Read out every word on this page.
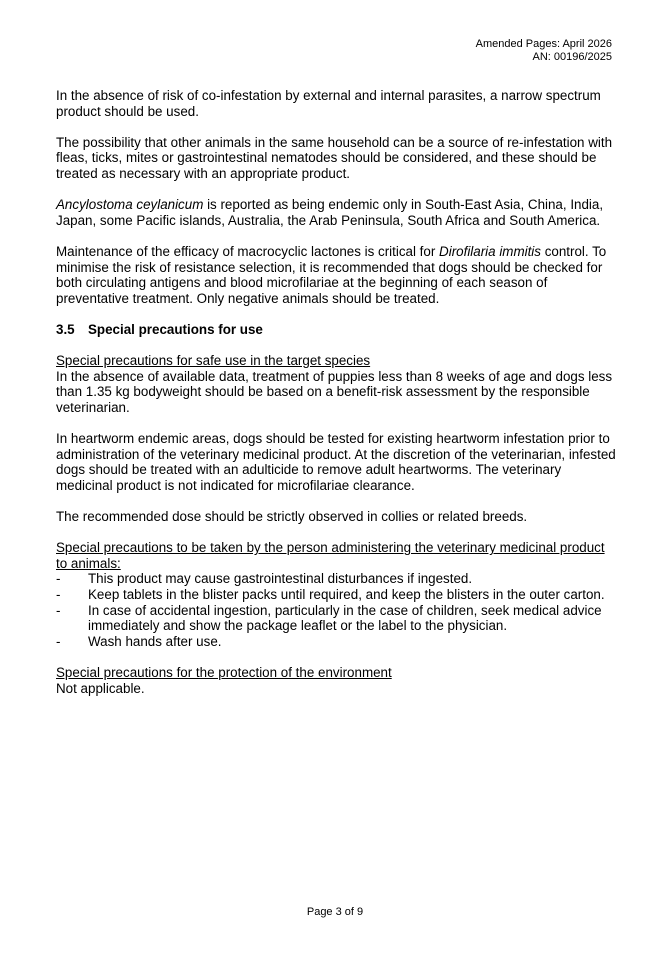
Amended Pages: April 2026
AN: 00196/2025

In the absence of risk of co-infestation by external and internal parasites, a narrow spectrum product should be used.

The possibility that other animals in the same household can be a source of re-infestation with fleas, ticks, mites or gastrointestinal nematodes should be considered, and these should be treated as necessary with an appropriate product.

Ancylostoma ceylanicum is reported as being endemic only in South-East Asia, China, India, Japan, some Pacific islands, Australia, the Arab Peninsula, South Africa and South America.

Maintenance of the efficacy of macrocyclic lactones is critical for Dirofilaria immitis control. To minimise the risk of resistance selection, it is recommended that dogs should be checked for both circulating antigens and blood microfilariae at the beginning of each season of preventative treatment. Only negative animals should be treated.

3.5 Special precautions for use

Special precautions for safe use in the target species

In the absence of available data, treatment of puppies less than 8 weeks of age and dogs less than 1.35 kg bodyweight should be based on a benefit-risk assessment by the responsible veterinarian.

In heartworm endemic areas, dogs should be tested for existing heartworm infestation prior to administration of the veterinary medicinal product. At the discretion of the veterinarian, infested dogs should be treated with an adulticide to remove adult heartworms. The veterinary medicinal product is not indicated for microfilariae clearance.

The recommended dose should be strictly observed in collies or related breeds.

Special precautions to be taken by the person administering the veterinary medicinal product to animals:

- This product may cause gastrointestinal disturbances if ingested.
- Keep tablets in the blister packs until required, and keep the blisters in the outer carton.
- In case of accidental ingestion, particularly in the case of children, seek medical advice immediately and show the package leaflet or the label to the physician.
- Wash hands after use.

Special precautions for the protection of the environment

Not applicable.

Page 3 of 9
